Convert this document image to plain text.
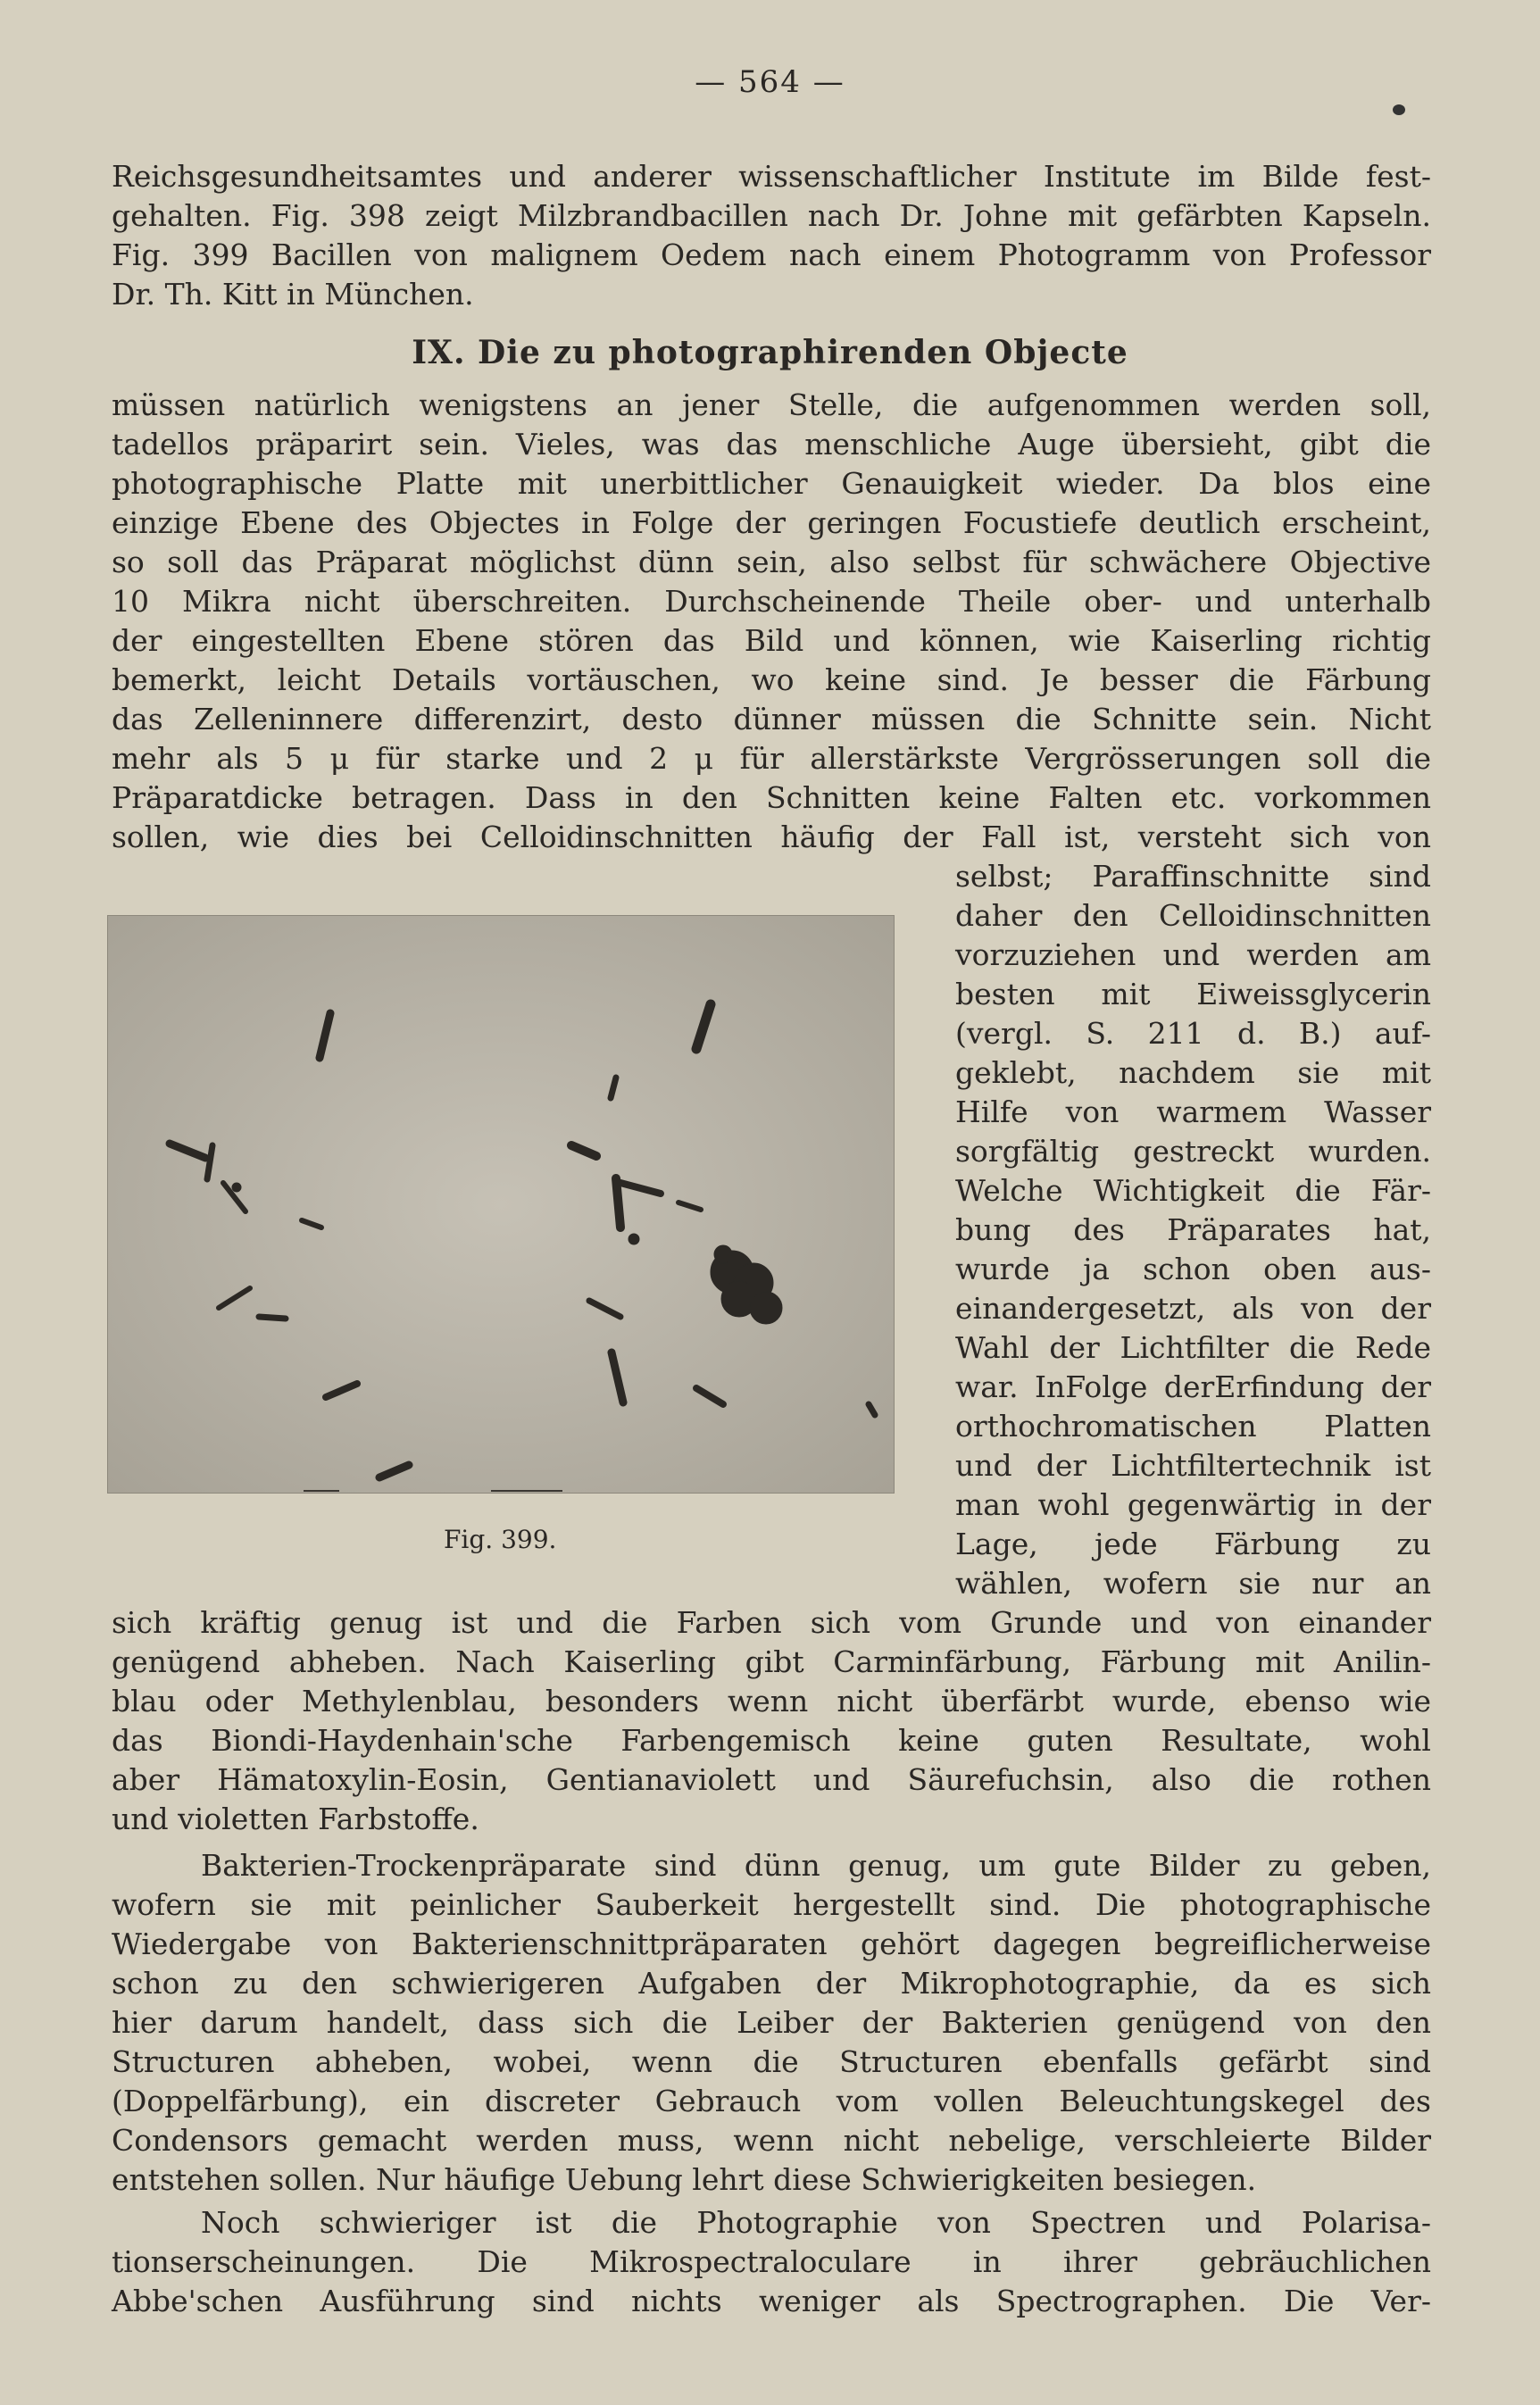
— 564 —
Reichsgesundheitsamtes und anderer wissenschaftlicher Institute im Bilde fest-
gehalten. Fig. 398 zeigt Milzbrandbacillen nach Dr. Johne mit gefärbten Kapseln.
Fig. 399 Bacillen von malignem Oedem nach einem Photogramm von Professor
Dr. Th. Kitt in München.
IX. Die zu photographirenden Objecte
müssen natürlich wenigstens an jener Stelle, die aufgenommen werden soll,
tadellos präparirt sein. Vieles, was das menschliche Auge übersieht, gibt die
photographische Platte mit unerbittlicher Genauigkeit wieder. Da blos eine
einzige Ebene des Objectes in Folge der geringen Focustiefe deutlich erscheint,
so soll das Präparat möglichst dünn sein, also selbst für schwächere Objective
10 Mikra nicht überschreiten. Durchscheinende Theile ober- und unterhalb
der eingestellten Ebene stören das Bild und können, wie Kaiserling richtig
bemerkt, leicht Details vortäuschen, wo keine sind. Je besser die Färbung
das Zelleninnere differenzirt, desto dünner müssen die Schnitte sein. Nicht
mehr als 5 μ für starke und 2 μ für allerstärkste Vergrösserungen soll die
Präparatdicke betragen. Dass in den Schnitten keine Falten etc. vorkommen
sollen, wie dies bei Celloidinschnitten häufig der Fall ist, versteht sich von
selbst; Paraffinschnitte sind
daher den Celloidinschnitten
vorzuziehen und werden am
besten mit Eiweissglycerin
(vergl. S. 211 d. B.) auf-
geklebt, nachdem sie mit
Hilfe von warmem Wasser
sorgfältig gestreckt wurden.
Welche Wichtigkeit die Fär-
bung des Präparates hat,
wurde ja schon oben aus-
einandergesetzt, als von der
Wahl der Lichtfilter die Rede
war. InFolge derErfindung der
orthochromatischen Platten
und der Lichtfiltertechnik ist
man wohl gegenwärtig in der
Lage, jede Färbung zu
wählen, wofern sie nur an
Fig. 399.
sich kräftig genug ist und die Farben sich vom Grunde und von einander
genügend abheben. Nach Kaiserling gibt Carminfärbung, Färbung mit Anilin-
blau oder Methylenblau, besonders wenn nicht überfärbt wurde, ebenso wie
das Biondi-Haydenhain'sche Farbengemisch keine guten Resultate, wohl
aber Hämatoxylin-Eosin, Gentianaviolett und Säurefuchsin, also die rothen
und violetten Farbstoffe.
Bakterien-Trockenpräparate sind dünn genug, um gute Bilder zu geben,
wofern sie mit peinlicher Sauberkeit hergestellt sind. Die photographische
Wiedergabe von Bakterienschnittpräparaten gehört dagegen begreiflicherweise
schon zu den schwierigeren Aufgaben der Mikrophotographie, da es sich
hier darum handelt, dass sich die Leiber der Bakterien genügend von den
Structuren abheben, wobei, wenn die Structuren ebenfalls gefärbt sind
(Doppelfärbung), ein discreter Gebrauch vom vollen Beleuchtungskegel des
Condensors gemacht werden muss, wenn nicht nebelige, verschleierte Bilder
entstehen sollen. Nur häufige Uebung lehrt diese Schwierigkeiten besiegen.
Noch schwieriger ist die Photographie von Spectren und Polarisa-
tionserscheinungen. Die Mikrospectraloculare in ihrer gebräuchlichen
Abbe'schen Ausführung sind nichts weniger als Spectrographen. Die Ver-
